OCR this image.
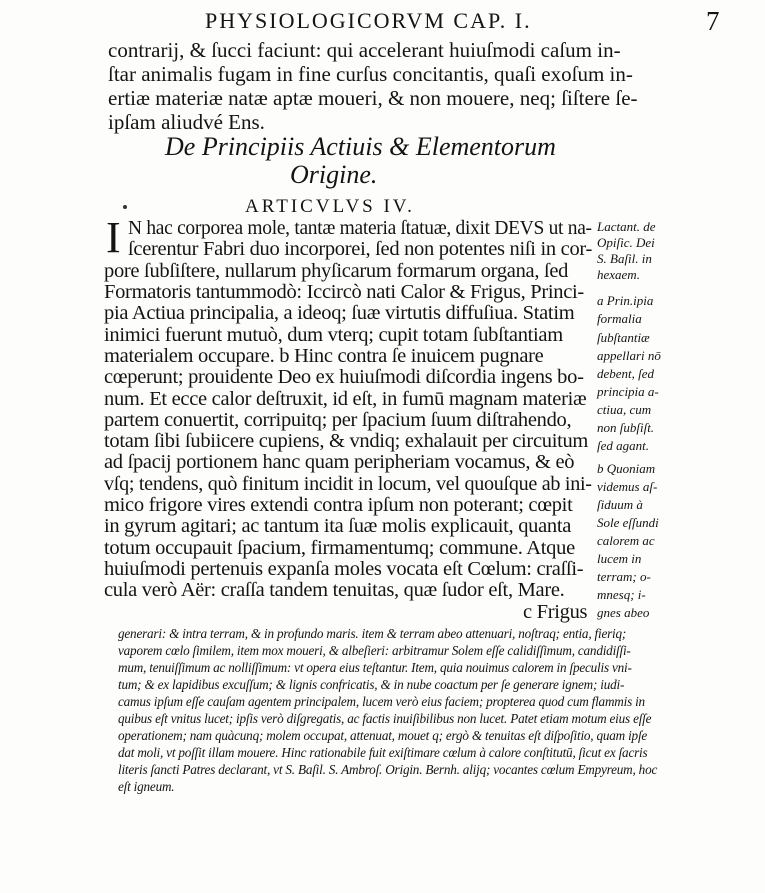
PHYSIOLOGICORVM CAP. I.	7
contrarij, & ſucci faciunt: qui accelerant huiuſmodi caſum in-
ſtar animalis fugam in fine curſus concitantis, quaſi exoſum in-
ertiæ materiæ natæ aptæ moueri, & non mouere, neq; ſiſtere ſe-
ipſam aliudvé Ens.
De Principiis Actiuis & Elementorum
Origine.
ARTICVLVS IV.
I N hac corporea mole, tantæ materia ſtatuæ, dixit DEVS ut na-
ſcerentur Fabri duo incorporei, ſed non potentes niſi in cor-
pore ſubſiſtere, nullarum phyſicarum formarum organa, ſed
Formatoris tantummodò: Iccircò nati Calor & Frigus, Princi-
pia Actiua principalia, a ideoq; ſuæ virtutis diffuſiua. Statim
inimici fuerunt mutuò, dum vterq; cupit totam ſubſtantiam
materialem occupare. b Hinc contra ſe inuicem pugnare
cœperunt; prouidente Deo ex huiuſmodi diſcordia ingens bo-
num. Et ecce calor deſtruxit, id eſt, in fumū magnam materiæ
partem conuertit, corripuitq; per ſpacium ſuum diſtrahendo,
totam ſibi ſubiicere cupiens, & vndiq; exhalauit per circuitum
ad ſpacij portionem hanc quam peripheriam vocamus, & eò
vſq; tendens, quò finitum incidit in locum, vel quouſque ab ini-
mico frigore vires extendi contra ipſum non poterant; cœpit
in gyrum agitari; ac tantum ita ſuæ molis explicauit, quanta
totum occupauit ſpacium, firmamentumq; commune. Atque
huiuſmodi pertenuis expanſa moles vocata eſt Cœlum: craſſi-
cula verò Aër: craſſa tandem tenuitas, quæ ſudor eſt, Mare.
c Frigus
Lactant. de
Opiſic. Dei
S. Baſil. in
hexaem.
a Prin.ipia
formalia
ſubſtantiæ
appellari nō
debent, ſed
principia a-
ctiua, cum
non ſubſiſt.
ſed agant.
b Quoniam
videmus aſ-
ſiduum à
Sole eſſundi
calorem ac
lucem in
terram; o-
mnesq; i-
gnes abeo
generari: & intra terram, & in profundo maris. item & terram abeo attenuari, noſtraq; entia, fieriq;
vaporem cœlo ſimilem, item mox moueri, & albeſieri: arbitramur Solem eſſe calidiſſimum, candidiſſi-
mum, tenuiſſimum ac nolliſſimum: vt opera eius teſtantur. Item, quia nouimus calorem in ſpeculis vni-
tum; & ex lapidibus excuſſum; & lignis confricatis, & in nube coactum per ſe generare ignem; iudi-
camus ipſum eſſe cauſam agentem principalem, lucem verò eius faciem; propterea quod cum flammis in
quibus eſt vnitus lucet; ipſis verò diſgregatis, ac factis inuiſibilibus non lucet. Patet etiam motum eius eſſe
operationem; nam quàcunq; molem occupat, attenuat, mouet q; ergò & tenuitas eſt diſpoſitio, quam ipſe
dat moli, vt poſſit illam mouere. Hinc rationabile fuit exiſtimare cœlum à calore conſtitutū, ſicut ex ſacris
literis ſancti Patres declarant, vt S. Baſil. S. Ambroſ. Origin. Bernh. alijq; vocantes cœlum Empyreum, hoc
eſt igneum.
